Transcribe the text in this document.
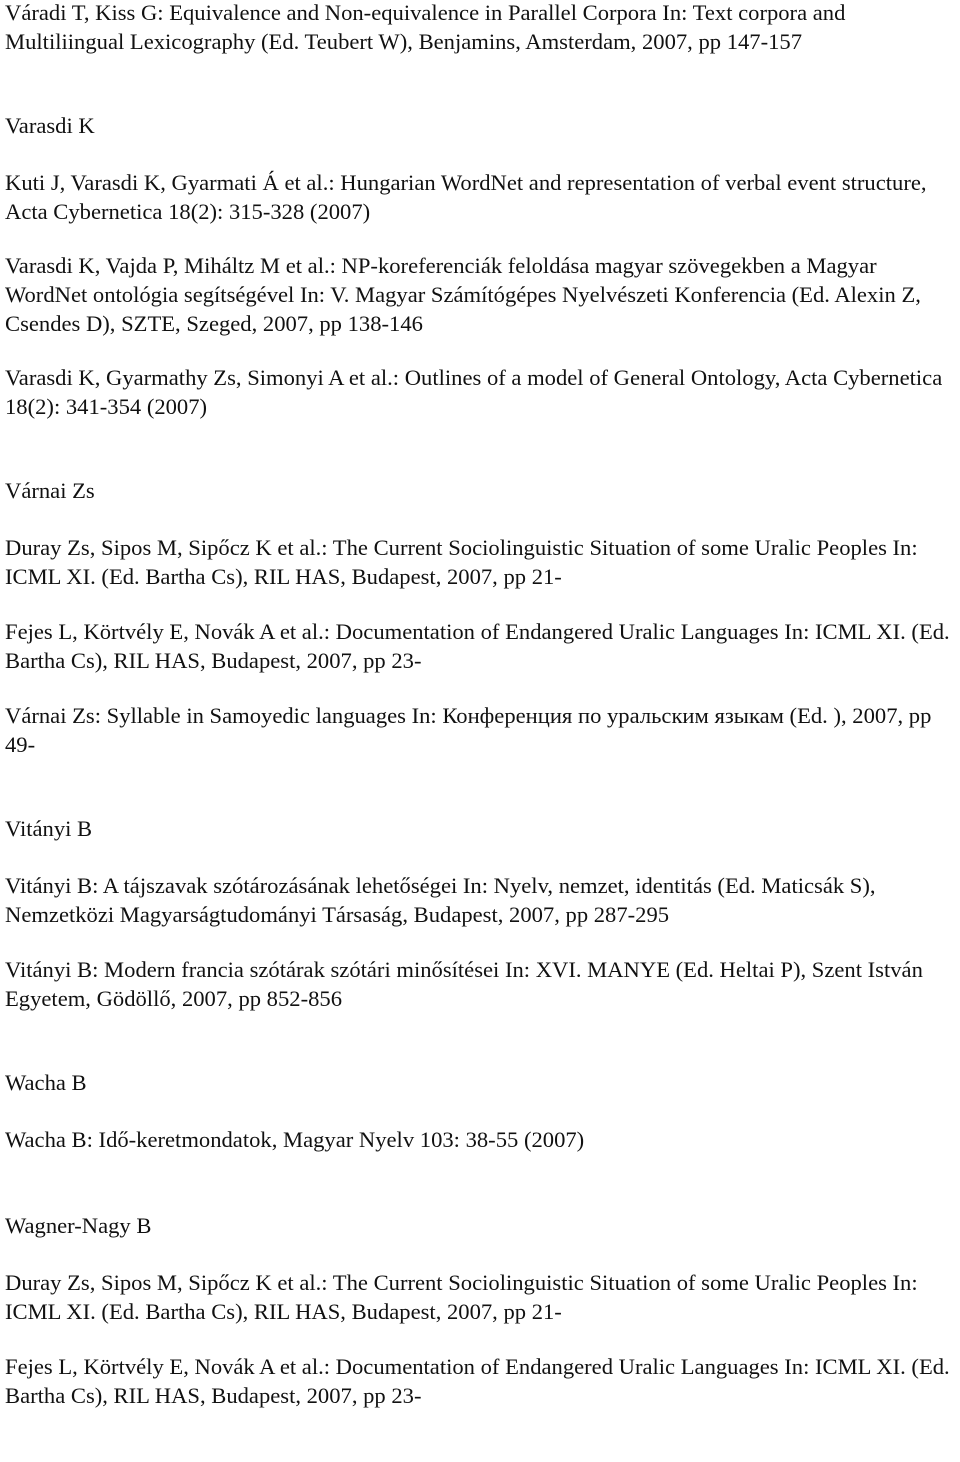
Váradi T, Kiss G: Equivalence and Non-equivalence in Parallel Corpora In: Text corpora and Multiliingual Lexicography (Ed. Teubert W), Benjamins, Amsterdam, 2007, pp 147-157

Varasdi K

Kuti J, Varasdi K, Gyarmati Á et al.: Hungarian WordNet and representation of verbal event structure, Acta Cybernetica 18(2): 315-328 (2007)

Varasdi K, Vajda P, Miháltz M et al.: NP-koreferenciák feloldása magyar szövegekben a Magyar WordNet ontológia segítségével In: V. Magyar Számítógépes Nyelvészeti Konferencia (Ed. Alexin Z, Csendes D), SZTE, Szeged, 2007, pp 138-146

Varasdi K, Gyarmathy Zs, Simonyi A et al.: Outlines of a model of General Ontology, Acta Cybernetica 18(2): 341-354 (2007)

Várnai Zs

Duray Zs, Sipos M, Sipőcz K et al.: The Current Sociolinguistic Situation of some Uralic Peoples In: ICML XI. (Ed. Bartha Cs), RIL HAS, Budapest, 2007, pp 21-

Fejes L, Körtvély E, Novák A et al.: Documentation of Endangered Uralic Languages In: ICML XI. (Ed. Bartha Cs), RIL HAS, Budapest, 2007, pp 23-

Várnai Zs: Syllable in Samoyedic languages In: Конференция по уральским языкам (Ed. ), 2007, pp 49-

Vitányi B

Vitányi B: A tájszavak szótározásának lehetőségei In: Nyelv, nemzet, identitás (Ed. Maticsák S), Nemzetközi Magyarságtudományi Társaság, Budapest, 2007, pp 287-295

Vitányi B: Modern francia szótárak szótári minősítései In: XVI. MANYE (Ed. Heltai P), Szent István Egyetem, Gödöllő, 2007, pp 852-856

Wacha B

Wacha B: Idő-keretmondatok, Magyar Nyelv 103: 38-55 (2007)

Wagner-Nagy B

Duray Zs, Sipos M, Sipőcz K et al.: The Current Sociolinguistic Situation of some Uralic Peoples In: ICML XI. (Ed. Bartha Cs), RIL HAS, Budapest, 2007, pp 21-

Fejes L, Körtvély E, Novák A et al.: Documentation of Endangered Uralic Languages In: ICML XI. (Ed. Bartha Cs), RIL HAS, Budapest, 2007, pp 23-
